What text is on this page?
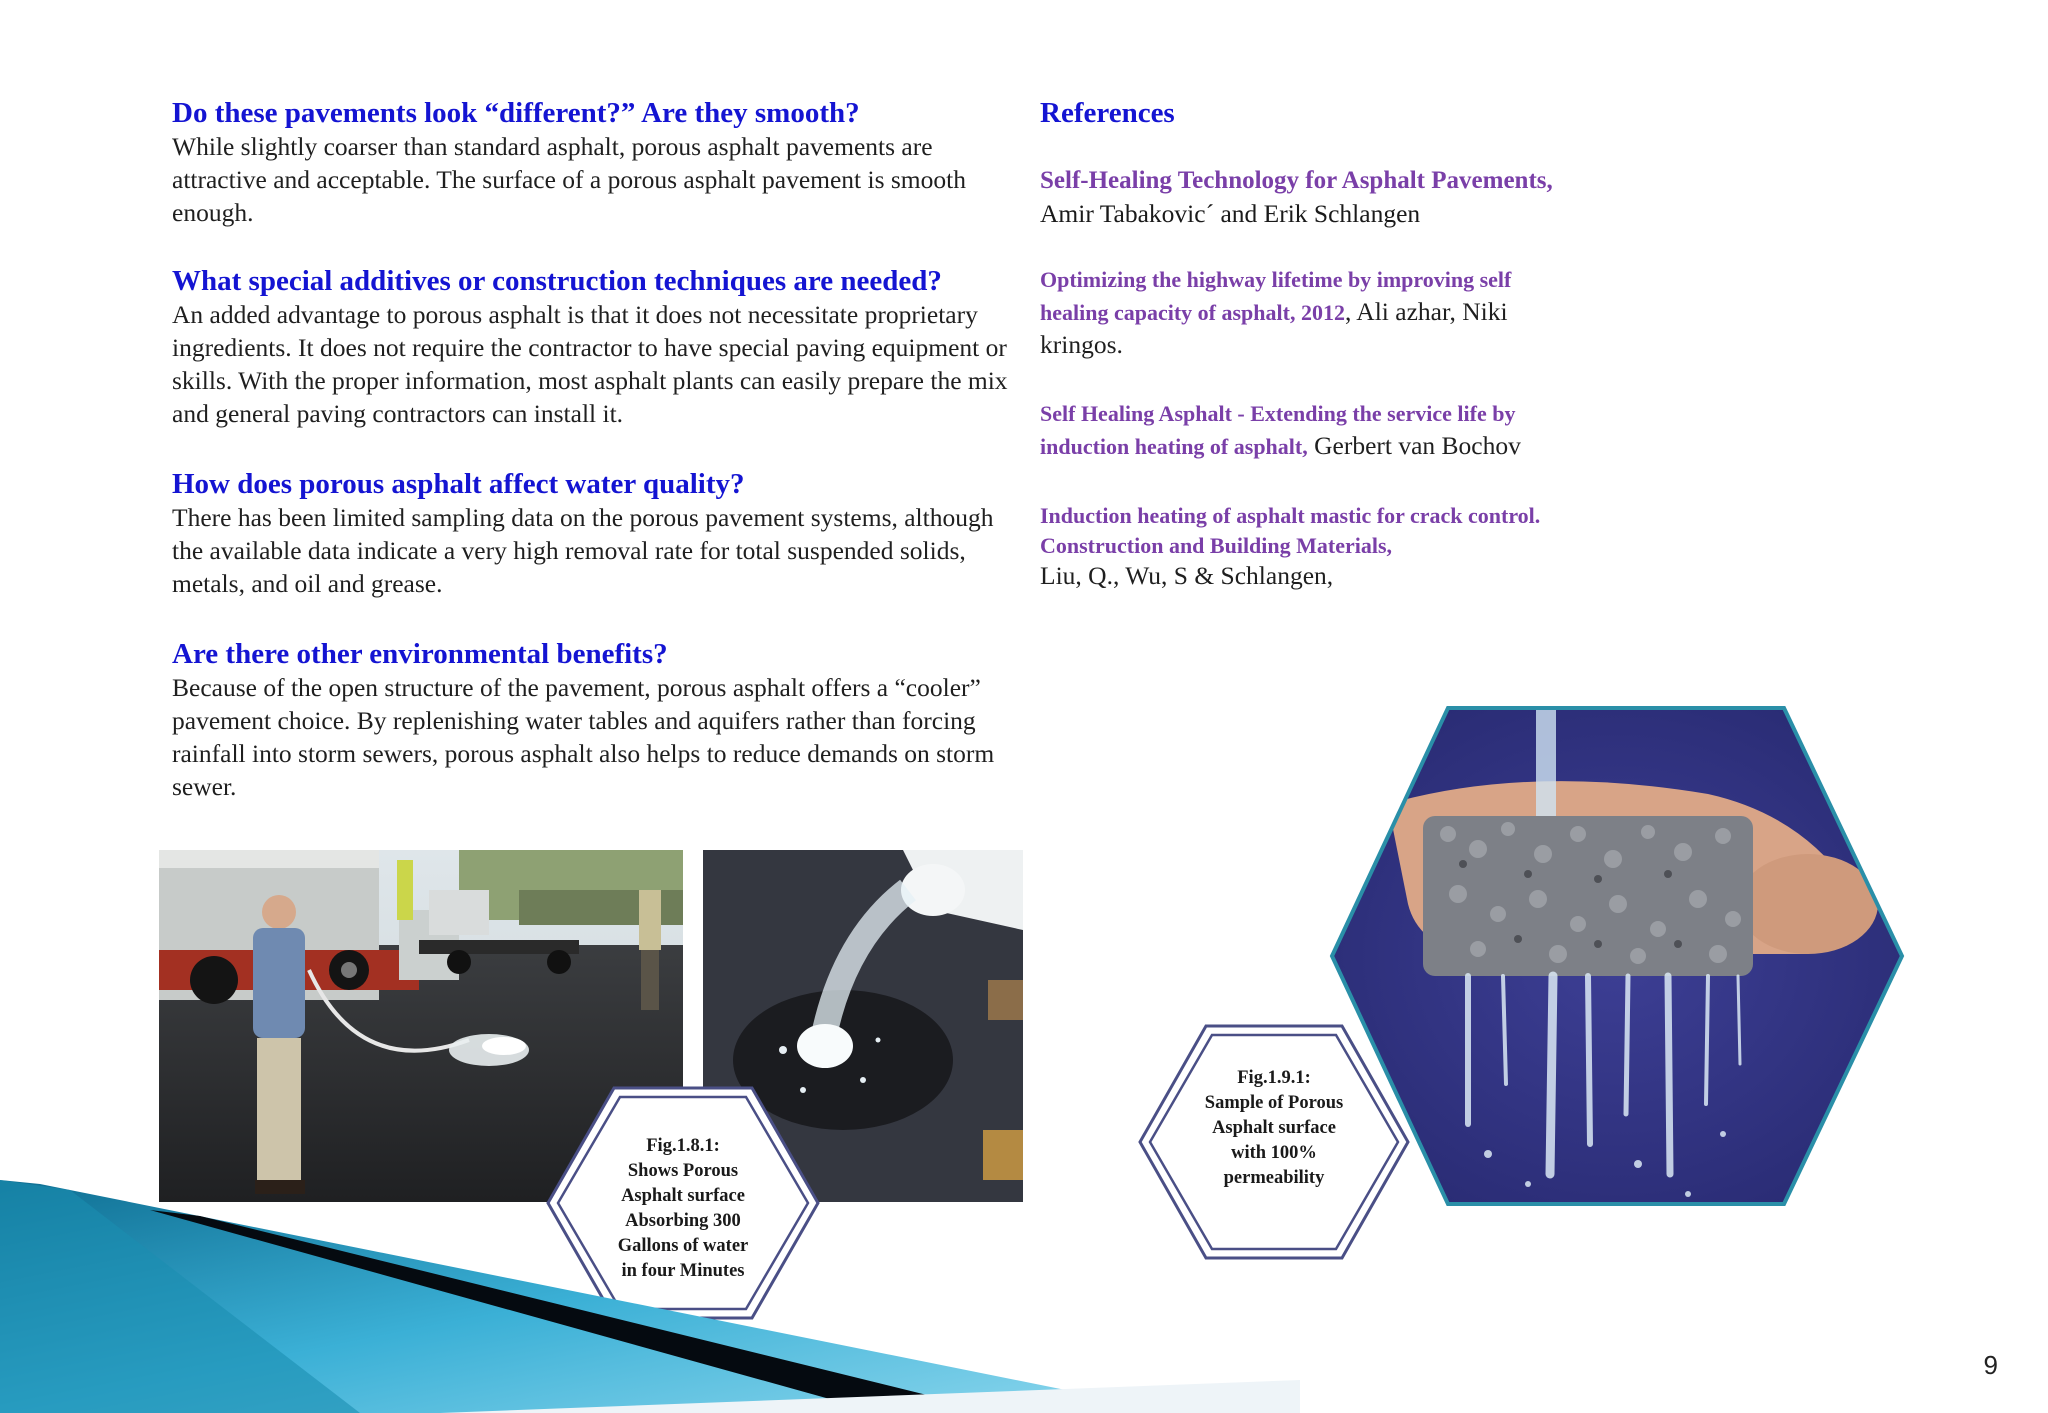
Do these pavements look “different?” Are they smooth?

While slightly coarser than standard asphalt, porous asphalt pavements are attractive and acceptable. The surface of a porous asphalt pavement is smooth enough.

What special additives or construction techniques are needed?

An added advantage to porous asphalt is that it does not necessitate proprietary ingredients. It does not require the contractor to have special paving equipment or skills. With the proper information, most asphalt plants can easily prepare the mix and general paving contractors can install it.

How does porous asphalt affect water quality?

There has been limited sampling data on the porous pavement systems, although the available data indicate a very high removal rate for total suspended solids, metals, and oil and grease.

Are there other environmental benefits?

Because of the open structure of the pavement, porous asphalt offers a “cooler” pavement choice. By replenishing water tables and aquifers rather than forcing rainfall into storm sewers, porous asphalt also helps to reduce demands on storm sewer.

References
Self-Healing Technology for Asphalt Pavements,
Amir Tabakovic´ and Erik Schlangen
Optimizing the highway lifetime by improving self healing capacity of asphalt, 2012, Ali azhar, Niki kringos.
Self Healing Asphalt - Extending the service life by induction heating of asphalt, Gerbert van Bochov
Induction heating of asphalt mastic for crack control. Construction and Building Materials,
Liu, Q., Wu, S & Schlangen,
Fig.1.8.1:
Shows Porous
Asphalt surface
Absorbing 300
Gallons of water
in four Minutes
Fig.1.9.1:
Sample of Porous
Asphalt surface
with 100%
permeability
9
